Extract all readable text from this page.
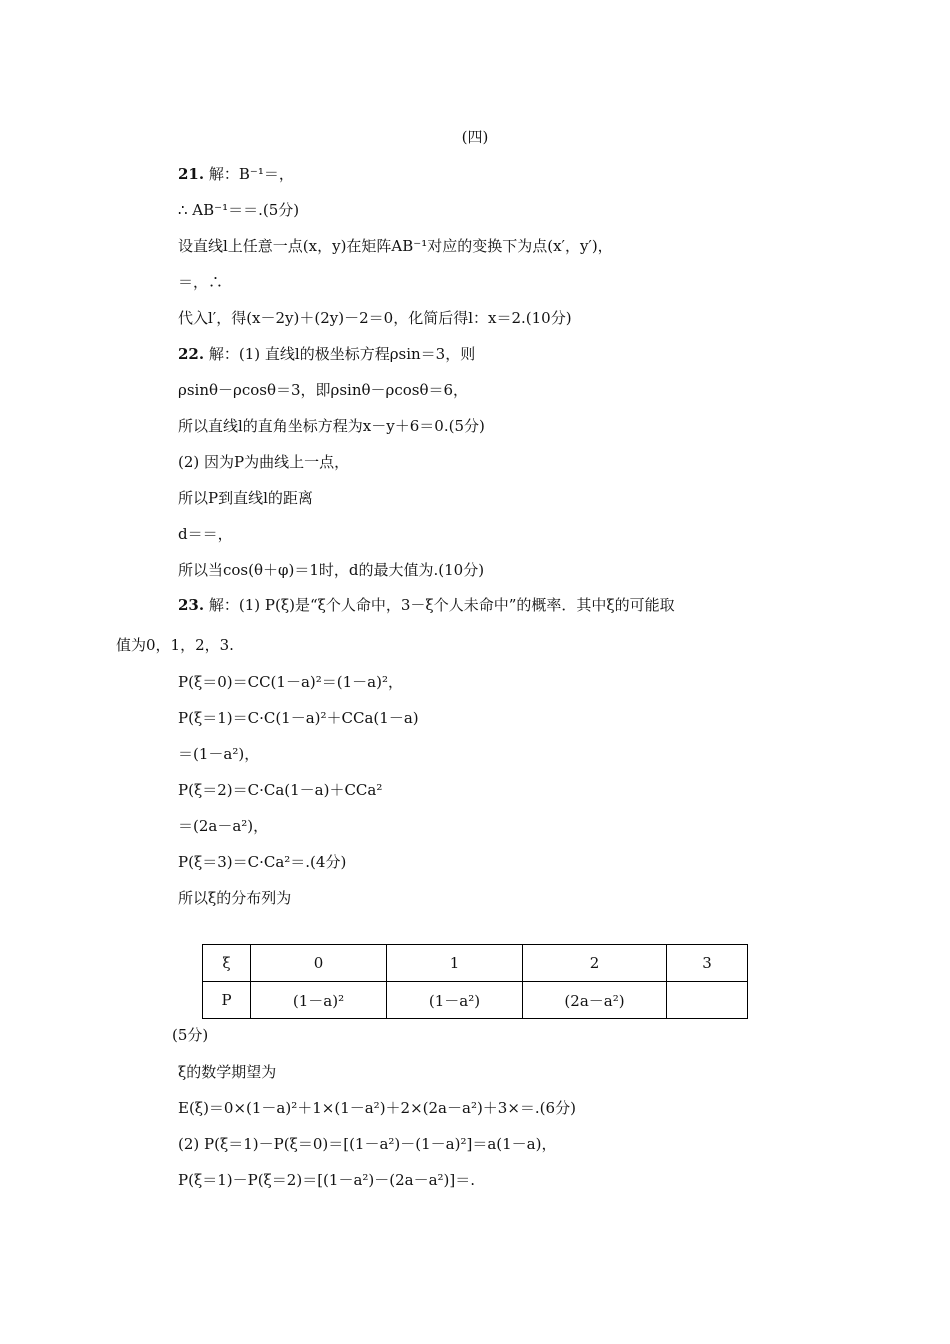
(四)
21. 解：B⁻¹＝，
∴ AB⁻¹＝＝.(5分)
设直线l上任意一点(x，y)在矩阵AB⁻¹对应的变换下为点(x′，y′)，
＝，∴
代入l′，得(x－2y)＋(2y)－2＝0，化简后得l：x＝2.(10分)
22. 解：(1) 直线l的极坐标方程ρsin＝3，则
ρsinθ－ρcosθ＝3，即ρsinθ－ρcosθ＝6，
所以直线l的直角坐标方程为x－y＋6＝0.(5分)
(2) 因为P为曲线上一点，
所以P到直线l的距离
d＝＝，
所以当cos(θ＋φ)＝1时，d的最大值为.(10分)
23. 解：(1) P(ξ)是“ξ个人命中，3－ξ个人未命中”的概率．其中ξ的可能取
值为0，1，2，3.
P(ξ＝0)＝CC(1－a)²＝(1－a)²，
P(ξ＝1)＝C·C(1－a)²＋CCa(1－a)
＝(1－a²)，
P(ξ＝2)＝C·Ca(1－a)＋CCa²
＝(2a－a²)，
P(ξ＝3)＝C·Ca²＝.(4分)
所以ξ的分布列为
ξ	0	1	2	3
P	(1－a)²	(1－a²)	(2a－a²)	
(5分)
ξ的数学期望为
E(ξ)＝0×(1－a)²＋1×(1－a²)＋2×(2a－a²)＋3×＝.(6分)
(2) P(ξ＝1)－P(ξ＝0)＝[(1－a²)－(1－a)²]＝a(1－a)，
P(ξ＝1)－P(ξ＝2)＝[(1－a²)－(2a－a²)]＝.
